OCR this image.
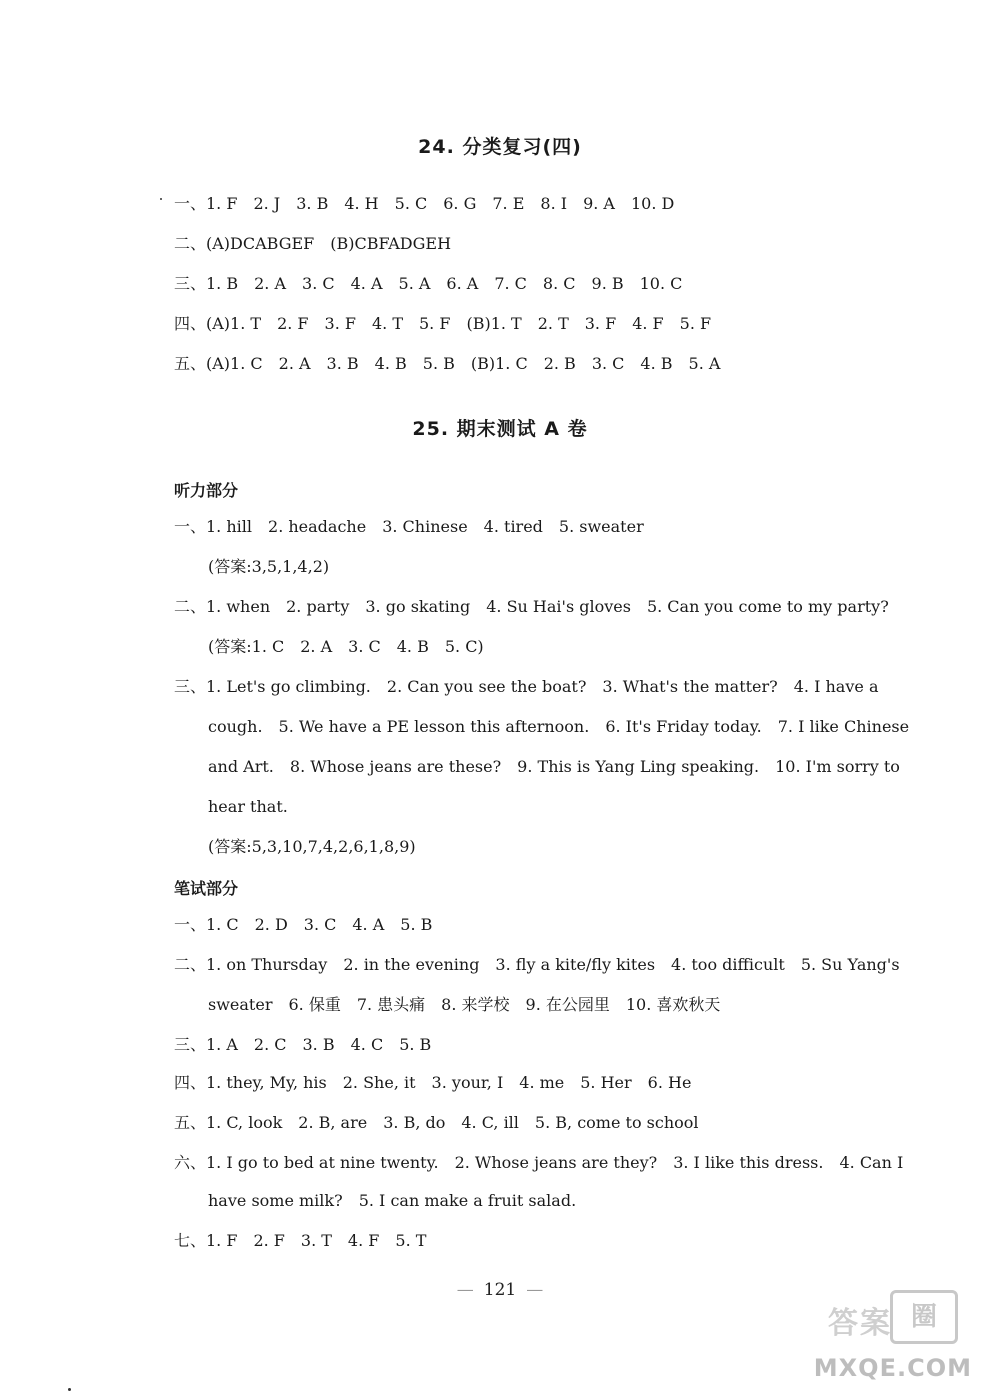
24. 分类复习(四)
一、1. F　2. J　3. B　4. H　5. C　6. G　7. E　8. I　9. A　10. D
二、(A)DCABGEF　(B)CBFADGEH
三、1. B　2. A　3. C　4. A　5. A　6. A　7. C　8. C　9. B　10. C
四、(A)1. T　2. F　3. F　4. T　5. F　(B)1. T　2. T　3. F　4. F　5. F
五、(A)1. C　2. A　3. B　4. B　5. B　(B)1. C　2. B　3. C　4. B　5. A
25. 期末测试 A 卷
听力部分
一、1. hill　2. headache　3. Chinese　4. tired　5. sweater
(答案:3,5,1,4,2)
二、1. when　2. party　3. go skating　4. Su Hai's gloves　5. Can you come to my party?
(答案:1. C　2. A　3. C　4. B　5. C)
三、1. Let's go climbing.　2. Can you see the boat?　3. What's the matter?　4. I have a
cough.　5. We have a PE lesson this afternoon.　6. It's Friday today.　7. I like Chinese
and Art.　8. Whose jeans are these?　9. This is Yang Ling speaking.　10. I'm sorry to
hear that.
(答案:5,3,10,7,4,2,6,1,8,9)
笔试部分
一、1. C　2. D　3. C　4. A　5. B
二、1. on Thursday　2. in the evening　3. fly a kite/fly kites　4. too difficult　5. Su Yang's
sweater　6. 保重　7. 患头痛　8. 来学校　9. 在公园里　10. 喜欢秋天
三、1. A　2. C　3. B　4. C　5. B
四、1. they, My, his　2. She, it　3. your, I　4. me　5. Her　6. He
五、1. C, look　2. B, are　3. B, do　4. C, ill　5. B, come to school
六、1. I go to bed at nine twenty.　2. Whose jeans are they?　3. I like this dress.　4. Can I
have some milk?　5. I can make a fruit salad.
七、1. F　2. F　3. T　4. F　5. T
— 121 —
答案 圈
MXQE.COM
